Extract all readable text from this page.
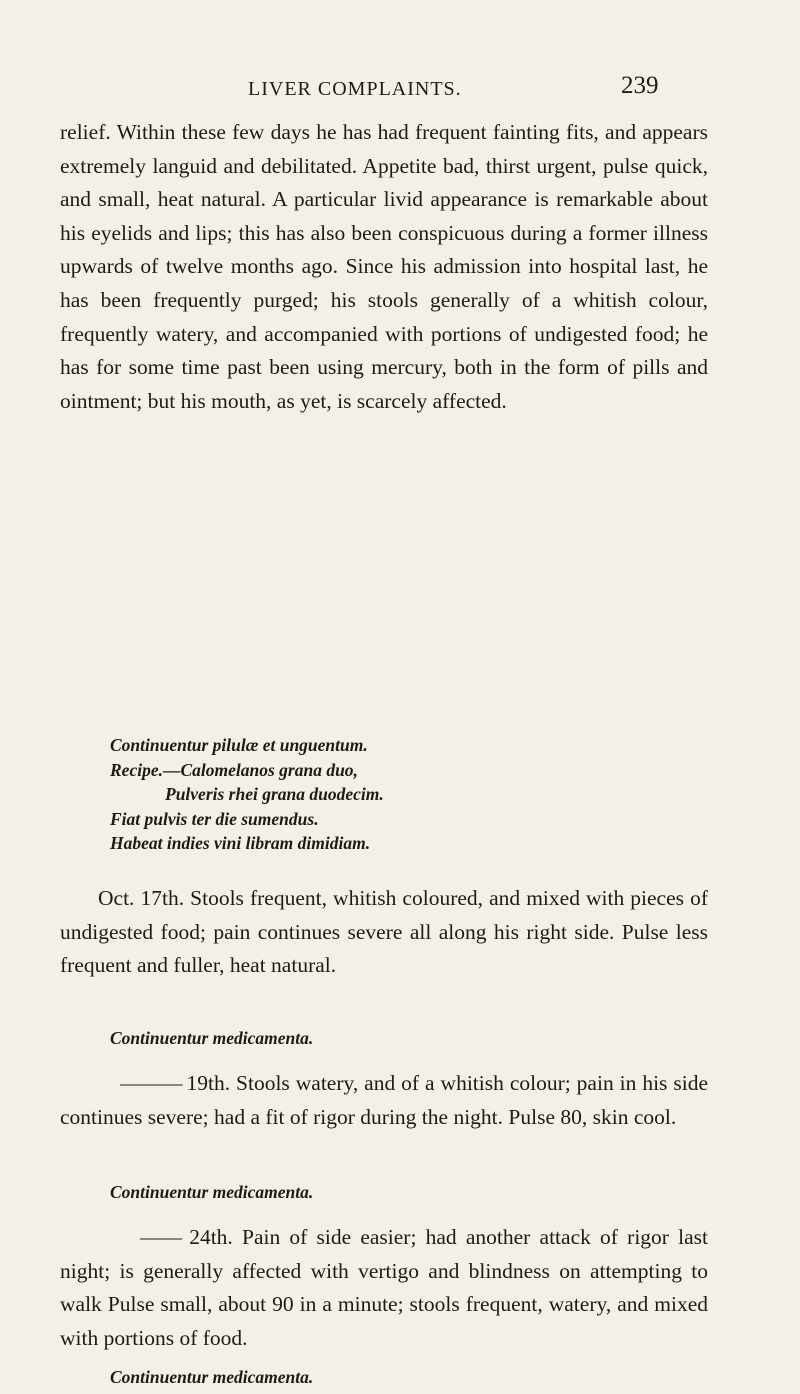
LIVER COMPLAINTS.	239

relief. Within these few days he has had frequent fainting fits, and appears extremely languid and debilitated. Appetite bad, thirst urgent, pulse quick, and small, heat natural. A particular livid appearance is remarkable about his eyelids and lips; this has also been conspicuous during a former illness upwards of twelve months ago. Since his admission into hospital last, he has been frequently purged; his stools generally of a whitish colour, frequently watery, and accompanied with portions of undigested food; he has for some time past been using mercury, both in the form of pills and ointment; but his mouth, as yet, is scarcely affected.

Continuentur pilulæ et unguentum.

Recipe.—Calomelanos grana duo,

Pulveris rhei grana duodecim.

Fiat pulvis ter die sumendus.

Habeat indies vini libram dimidiam.

Oct. 17th. Stools frequent, whitish coloured, and mixed with pieces of undigested food; pain continues severe all along his right side. Pulse less frequent and fuller, heat natural.

Continuentur medicamenta.

——— 19th. Stools watery, and of a whitish colour; pain in his side continues severe; had a fit of rigor during the night. Pulse 80, skin cool.

Continuentur medicamenta.

—— 24th. Pain of side easier; had another attack of rigor last night; is generally affected with vertigo and blindness on attempting to walk Pulse small, about 90 in a minute; stools frequent, watery, and mixed with portions of food.

Continuentur medicamenta.
